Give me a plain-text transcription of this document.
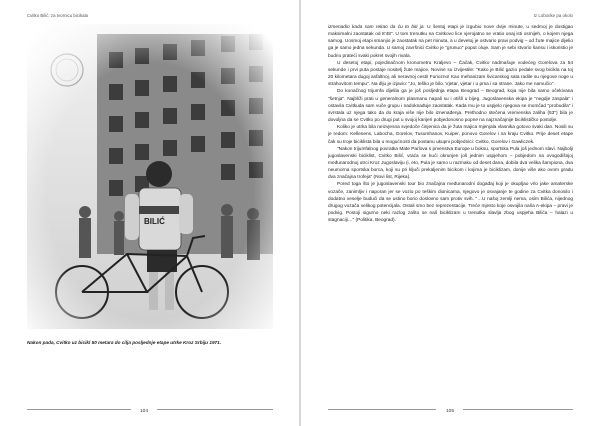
Cvitko Bilić: za tvornicu bicikala
Nakon pada, Cvitko uz bicikl 50 metara do cilja posljednje etape utrke Kroz Srbiju 1971.
104
Iz Loborike pa okolo

izmenadio kada sam rekao da ću to biti ja. U šestoj etapi je izgubio nove dvije minute, u sedmoj je dostigao maksimalni zaostatak od 8'48". U tom trenutku na Cvitkovo lice vjerojatno se vratio onaj isti osmijeh, o kojem njega samog. Uosmoj etapi smanjio je zaostatak na pet minuta, a u devetoj je ostvario pravi podvig – od žute majice dijelio ga je samo jedna sekunda. U samoj završnici Cvitko je "grunuo" poput oluje. Sam je sebi stvorio šansu i iskoristio je budno prateći svaki pokret svojih rivala.

U desetoj etapi, pojedinačnom kronometru Kraljevo – Čačak, Cvitko nadmašuje vodećeg Gorelova za 54 sekunde i prvi puta postaje nositelj žute majice. Novine su izvijestile: "Kako je Bilić gazio pedale svog bicikla na toj 20 kilometara dugoj asfaltnoj, ali neravnoj cesti! Furiozno! Kao mehanizam švicarskog sata radile su njegove noge u strahovitom tempu". Na dlju je izjavio: "Jo, teško je bilo. Vjetar, vjetar i u prsa i sa strane. Jako me namučio".

Do konačnog trijumfa dijelila ga je još posljednja etapa Beograd – Beograd, koja nije bila samo očekivana "šetnja". Najbliži prati u generalnom plasmanu napali su i otišli u bijeg. Jugoslavenska ekipa je "negdje zaspala" i ostavila Cvitkuda sam vuče grupu i nadoknađuje zaostatak. Kada mu je to uspjelo njegova se momčad "probudila" i svrstala uz njega tako da do kraja više nije bilo iznenađenja. Prethodno stečena vremenska zaliha (53") bila je dovoljna da se Cvitko po drugi put u svojoj karijeri pobjedonosno popne na najznačajnije biciklističko postolje.

Koliko je utrka bila neizvjesna svjedoče činjenica da je žuta majica mjenjala vlasnika gotovo svaki dan. Nosili su je redom: Kellenens, Labocha, Gorelov, Tusumhanov, Kuiper, ponovo Gorelov i na kraju Cvitko. Prije deset etape čak su troje biciklista bila u mogućnosti da postanu ukupni pobjednici: Cvitko, Gorelov i Gawliczek.

"Nakon trijumfalnog povratka Mate Parlova s prvenstva Europe u boksu, sportska Pula još jednom slavi. Najbolji jugoslavenski biciklist, Cvitko Bilić, vraća se kući okrunjen još jednim uspjehom – pobjedom na ovogodišnjoj međunarodnoj utrci Kroz Jugoslaviju (i, eto, Pula je samo u razmaku od deset dana, dobila dva velika šampiona, dva neumorna sportska borca, koji su pri ključi prekaljenim bicikom i kojima je biciklizam, donije više ako ovom gradu dva značajna trofeja" (Novi list, Rijeka).

Pored toga što je jugoslavenski tour bio značajna međunarodni događaj koji je okupljao vrlo jake amaterske vozače, zanimljiv i naporan jer se vozio po teškim dionicama, njegovo je osvajanje te godine za Cvitka donosilo i dodatno veselje budući da se ustino borio doslovno sam protiv svih. "…U našoj zemlji nema, osim Bilića, nijednog drugog vozača velikog potencijala. Ostali smo bez reprezentacije. Treće mjesto koje osvojila naša A-ekipa – pravi je podvig. Postoji sigurno neki razlog zašto se naš biciklizam u trenutku slavlja zbog uspjeha Bilića – halazi u stagnaciji…" (Politika, Beograd).

105
